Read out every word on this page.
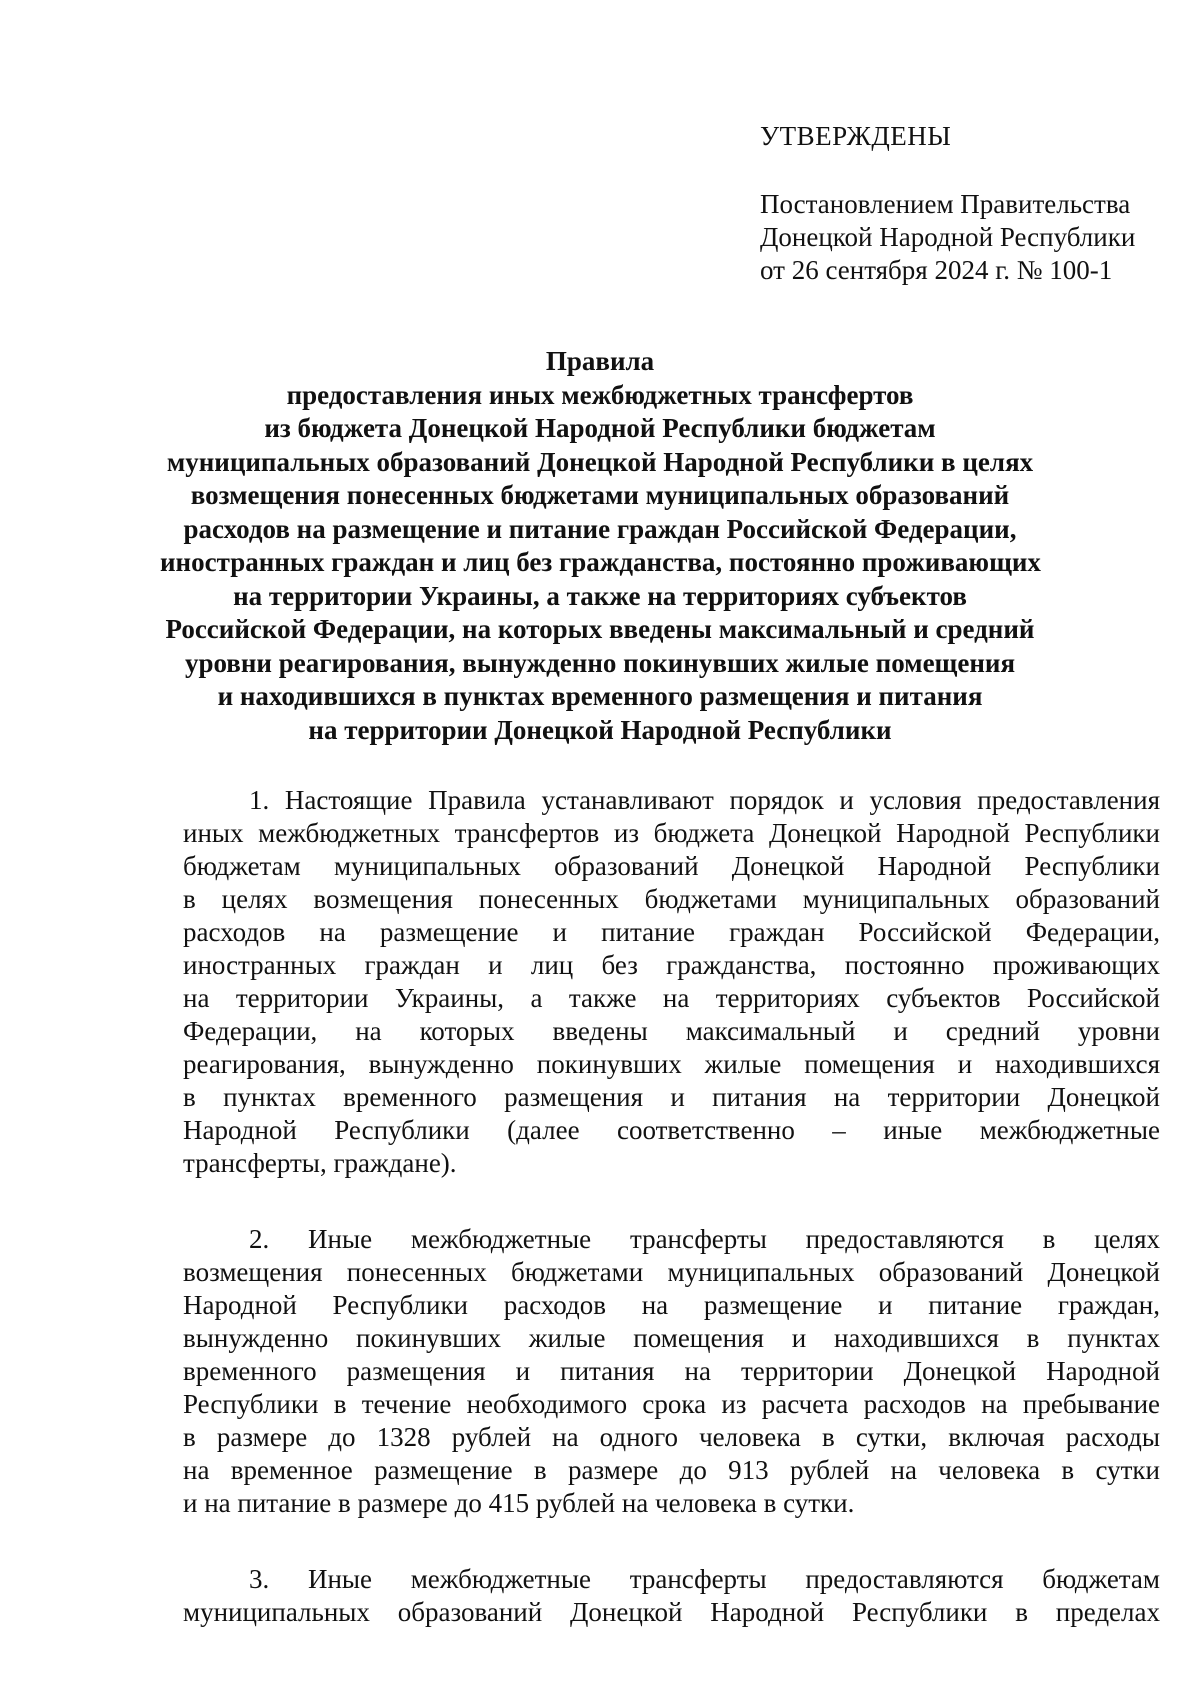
УТВЕРЖДЕНЫ
Постановлением Правительства
Донецкой Народной Республики
от 26 сентября 2024 г. № 100-1
Правила
предоставления иных межбюджетных трансфертов
из бюджета Донецкой Народной Республики бюджетам
муниципальных образований Донецкой Народной Республики в целях
возмещения понесенных бюджетами муниципальных образований
расходов на размещение и питание граждан Российской Федерации,
иностранных граждан и лиц без гражданства, постоянно проживающих
на территории Украины, а также на территориях субъектов
Российской Федерации, на которых введены максимальный и средний
уровни реагирования, вынужденно покинувших жилые помещения
и находившихся в пунктах временного размещения и питания
на территории Донецкой Народной Республики
1. Настоящие Правила устанавливают порядок и условия предоставления
иных межбюджетных трансфертов из бюджета Донецкой Народной Республики
бюджетам муниципальных образований Донецкой Народной Республики
в целях возмещения понесенных бюджетами муниципальных образований
расходов на размещение и питание граждан Российской Федерации,
иностранных граждан и лиц без гражданства, постоянно проживающих
на территории Украины, а также на территориях субъектов Российской
Федерации, на которых введены максимальный и средний уровни
реагирования, вынужденно покинувших жилые помещения и находившихся
в пунктах временного размещения и питания на территории Донецкой
Народной Республики (далее соответственно – иные межбюджетные
трансферты, граждане).
2. Иные межбюджетные трансферты предоставляются в целях
возмещения понесенных бюджетами муниципальных образований Донецкой
Народной Республики расходов на размещение и питание граждан,
вынужденно покинувших жилые помещения и находившихся в пунктах
временного размещения и питания на территории Донецкой Народной
Республики в течение необходимого срока из расчета расходов на пребывание
в размере до 1328 рублей на одного человека в сутки, включая расходы
на временное размещение в размере до 913 рублей на человека в сутки
и на питание в размере до 415 рублей на человека в сутки.
3. Иные межбюджетные трансферты предоставляются бюджетам
муниципальных образований Донецкой Народной Республики в пределах
